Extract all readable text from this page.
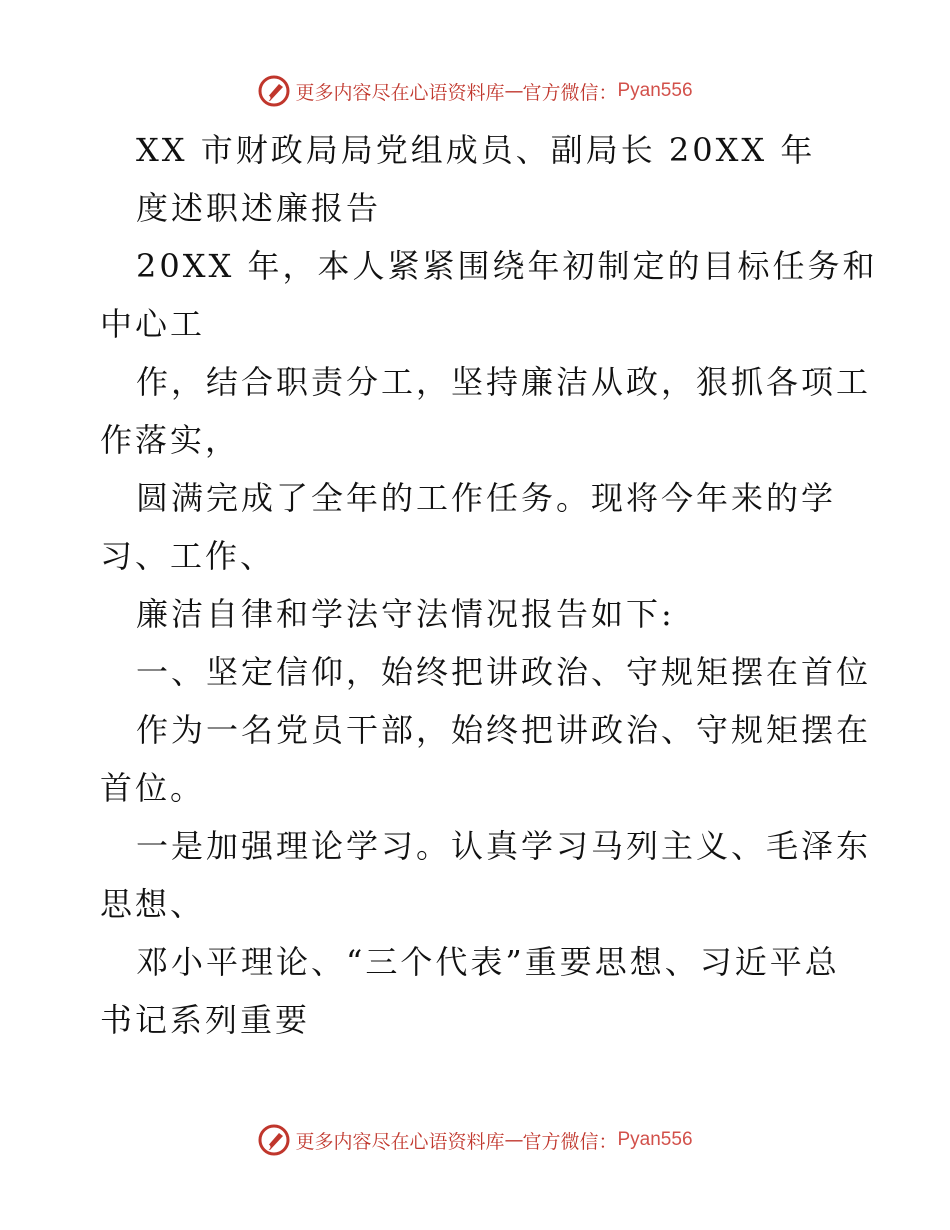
更多内容尽在心语资料库 — 官方微信： Pyan556
XX 市财政局局党组成员、副局长 20XX 年
度述职述廉报告
20XX 年，本人紧紧围绕年初制定的目标任务和
中心工
作，结合职责分工，坚持廉洁从政，狠抓各项工
作落实，
圆满完成了全年的工作任务。现将今年来的学
习、工作、
廉洁自律和学法守法情况报告如下:
一、坚定信仰，始终把讲政治、守规矩摆在首位
作为一名党员干部，始终把讲政治、守规矩摆在
首位。
一是加强理论学习。认真学习马列主义、毛泽东
思想、
邓小平理论、“三个代表”重要思想、习近平总
书记系列重要
更多内容尽在心语资料库 — 官方微信： Pyan556
